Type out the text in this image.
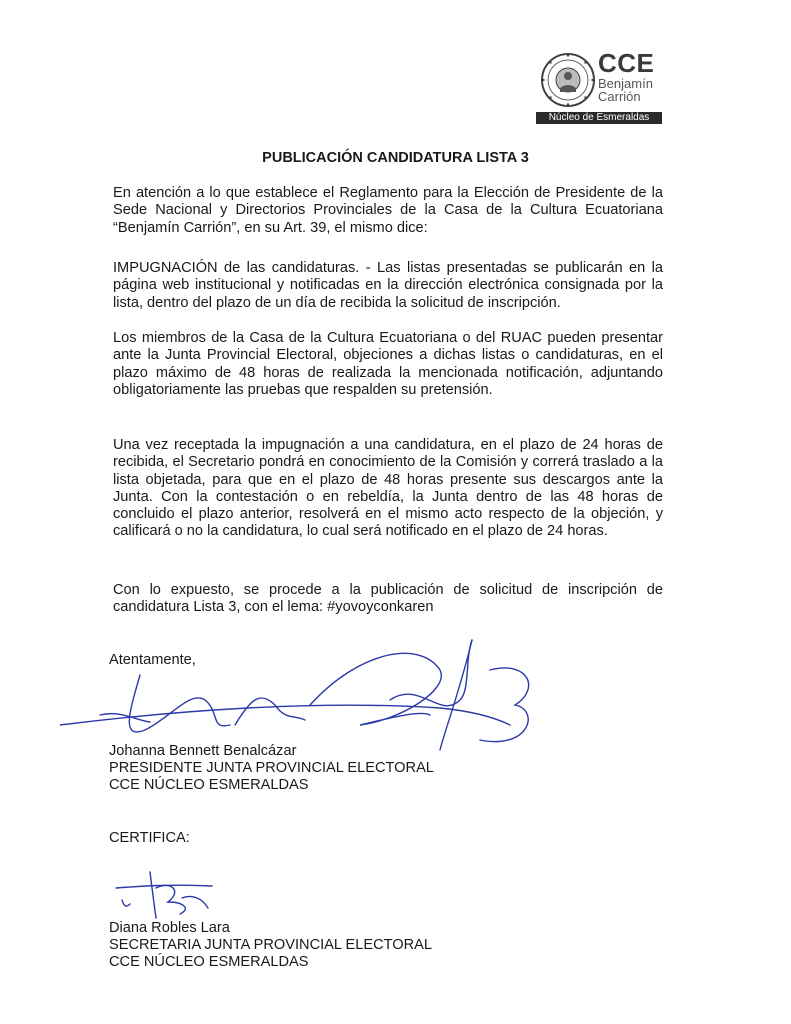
CCE
Benjamín
Carrión
Núcleo de Esmeraldas
PUBLICACIÓN CANDIDATURA LISTA 3
En atención a lo que establece el Reglamento para la Elección de Presidente de la Sede Nacional y Directorios Provinciales de la Casa de la Cultura Ecuatoriana “Benjamín Carrión”, en su Art. 39, el mismo dice:
IMPUGNACIÓN de las candidaturas. - Las listas presentadas se publicarán en la página web institucional y notificadas en la dirección electrónica consignada por la lista, dentro del plazo de un día de recibida la solicitud de inscripción.
Los miembros de la Casa de la Cultura Ecuatoriana o del RUAC pueden presentar ante la Junta Provincial Electoral, objeciones a dichas listas o candidaturas, en el plazo máximo de 48 horas de realizada la mencionada notificación, adjuntando obligatoriamente las pruebas que respalden su pretensión.
Una vez receptada la impugnación a una candidatura, en el plazo de 24 horas de recibida, el Secretario pondrá en conocimiento de la Comisión y correrá traslado a la lista objetada, para que en el plazo de 48 horas presente sus descargos ante la Junta. Con la contestación o en rebeldía, la Junta dentro de las 48 horas de concluido el plazo anterior, resolverá en el mismo acto respecto de la objeción, y calificará o no la candidatura, lo cual será notificado en el plazo de 24 horas.
Con lo expuesto, se procede a la publicación de solicitud de inscripción de candidatura Lista 3, con el lema: #yovoyconkaren
Atentamente,
Johanna Bennett Benalcázar
PRESIDENTE JUNTA PROVINCIAL ELECTORAL
CCE NÚCLEO ESMERALDAS
CERTIFICA:
Diana Robles Lara
SECRETARIA JUNTA PROVINCIAL ELECTORAL
CCE NÚCLEO ESMERALDAS
